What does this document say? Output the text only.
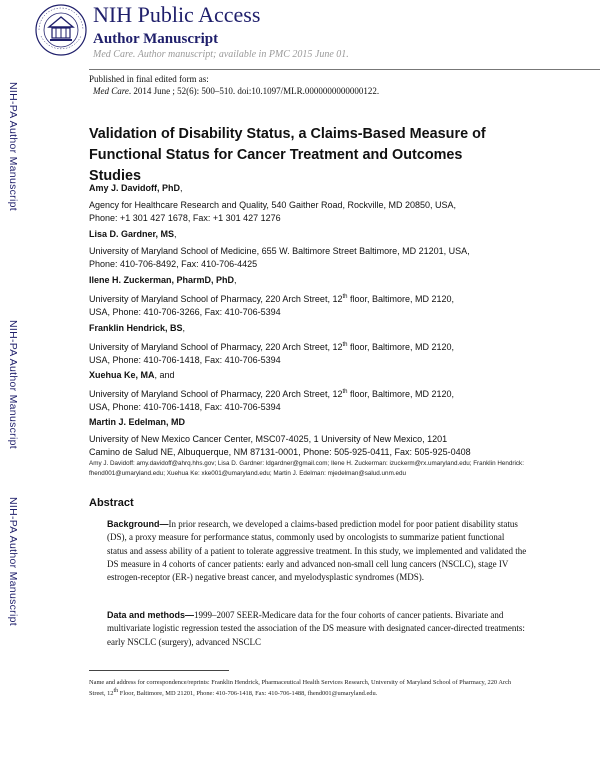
NIH Public Access
Author Manuscript
Med Care. Author manuscript; available in PMC 2015 June 01.
Published in final edited form as:
Med Care. 2014 June ; 52(6): 500–510. doi:10.1097/MLR.0000000000000122.
NIH-PA Author Manuscript
NIH-PA Author Manuscript
NIH-PA Author Manuscript
Validation of Disability Status, a Claims-Based Measure of Functional Status for Cancer Treatment and Outcomes Studies
Amy J. Davidoff, PhD,
Agency for Healthcare Research and Quality, 540 Gaither Road, Rockville, MD 20850, USA,
Phone: +1 301 427 1678, Fax: +1 301 427 1276
Lisa D. Gardner, MS,
University of Maryland School of Medicine, 655 W. Baltimore Street Baltimore, MD 21201, USA,
Phone: 410-706-8492, Fax: 410-706-4425
Ilene H. Zuckerman, PharmD, PhD,
University of Maryland School of Pharmacy, 220 Arch Street, 12th floor, Baltimore, MD 2120,
USA, Phone: 410-706-3266, Fax: 410-706-5394
Franklin Hendrick, BS,
University of Maryland School of Pharmacy, 220 Arch Street, 12th floor, Baltimore, MD 2120,
USA, Phone: 410-706-1418, Fax: 410-706-5394
Xuehua Ke, MA, and
University of Maryland School of Pharmacy, 220 Arch Street, 12th floor, Baltimore, MD 2120,
USA, Phone: 410-706-1418, Fax: 410-706-5394
Martin J. Edelman, MD
University of New Mexico Cancer Center, MSC07-4025, 1 University of New Mexico, 1201
Camino de Salud NE, Albuquerque, NM 87131-0001, Phone: 505-925-0411, Fax: 505-925-0408
Amy J. Davidoff: amy.davidoff@ahrq.hhs.gov; Lisa D. Gardner: ldgardner@gmail.com; Ilene H. Zuckerman: izuckerm@rx.umaryland.edu; Franklin Hendrick: fhend001@umaryland.edu; Xuehua Ke: xke001@umaryland.edu; Martin J. Edelman: mjedelman@salud.unm.edu
Abstract
Background—In prior research, we developed a claims-based prediction model for poor patient disability status (DS), a proxy measure for performance status, commonly used by oncologists to summarize patient functional status and assess ability of a patient to tolerate aggressive treatment. In this study, we implemented and validated the DS measure in 4 cohorts of cancer patients: early and advanced non-small cell lung cancers (NSCLC), stage IV estrogen-receptor (ER-) negative breast cancer, and myelodysplastic syndromes (MDS).
Data and methods—1999–2007 SEER-Medicare data for the four cohorts of cancer patients. Bivariate and multivariate logistic regression tested the association of the DS measure with designated cancer-directed treatments: early NSCLC (surgery), advanced NSCLC
Name and address for correspondence/reprints: Franklin Hendrick, Pharmaceutical Health Services Research, University of Maryland School of Pharmacy, 220 Arch Street, 12th Floor, Baltimore, MD 21201, Phone: 410-706-1418, Fax: 410-706-1488, fhend001@umaryland.edu.
